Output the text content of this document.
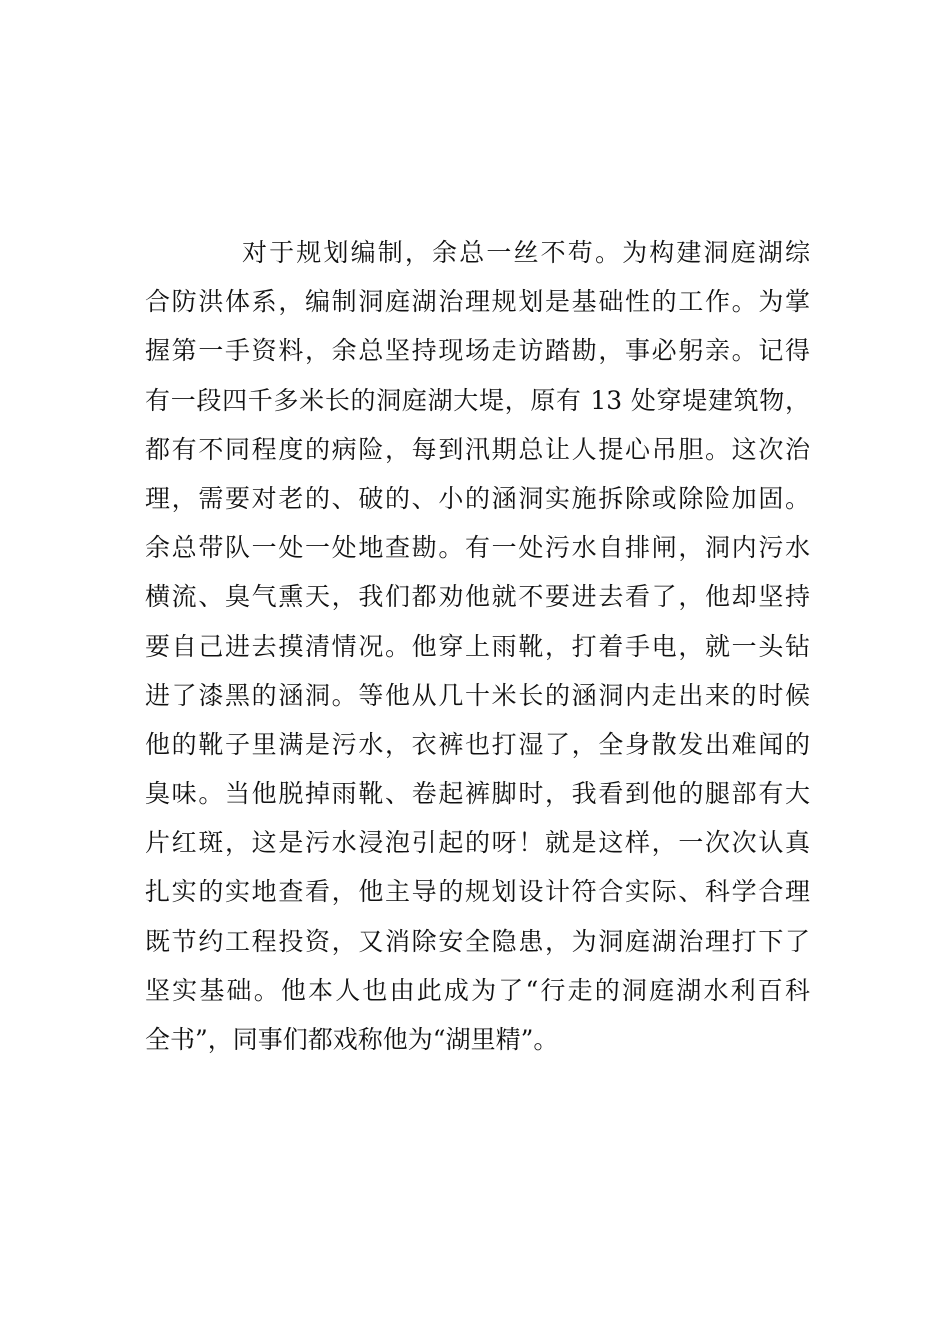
对于规划编制，余总一丝不苟。为构建洞庭湖综
合防洪体系，编制洞庭湖治理规划是基础性的工作。为掌
握第一手资料，余总坚持现场走访踏勘，事必躬亲。记得
有一段四千多米长的洞庭湖大堤，原有 13 处穿堤建筑物，
都有不同程度的病险，每到汛期总让人提心吊胆。这次治
理，需要对老的、破的、小的涵洞实施拆除或除险加固。
余总带队一处一处地查勘。有一处污水自排闸，洞内污水
横流、臭气熏天，我们都劝他就不要进去看了，他却坚持
要自己进去摸清情况。他穿上雨靴，打着手电，就一头钻
进了漆黑的涵洞。等他从几十米长的涵洞内走出来的时候
他的靴子里满是污水，衣裤也打湿了，全身散发出难闻的
臭味。当他脱掉雨靴、卷起裤脚时，我看到他的腿部有大
片红斑，这是污水浸泡引起的呀！就是这样，一次次认真
扎实的实地查看，他主导的规划设计符合实际、科学合理
既节约工程投资，又消除安全隐患，为洞庭湖治理打下了
坚实基础。他本人也由此成为了“行走的洞庭湖水利百科
全书”，同事们都戏称他为“湖里精”。
